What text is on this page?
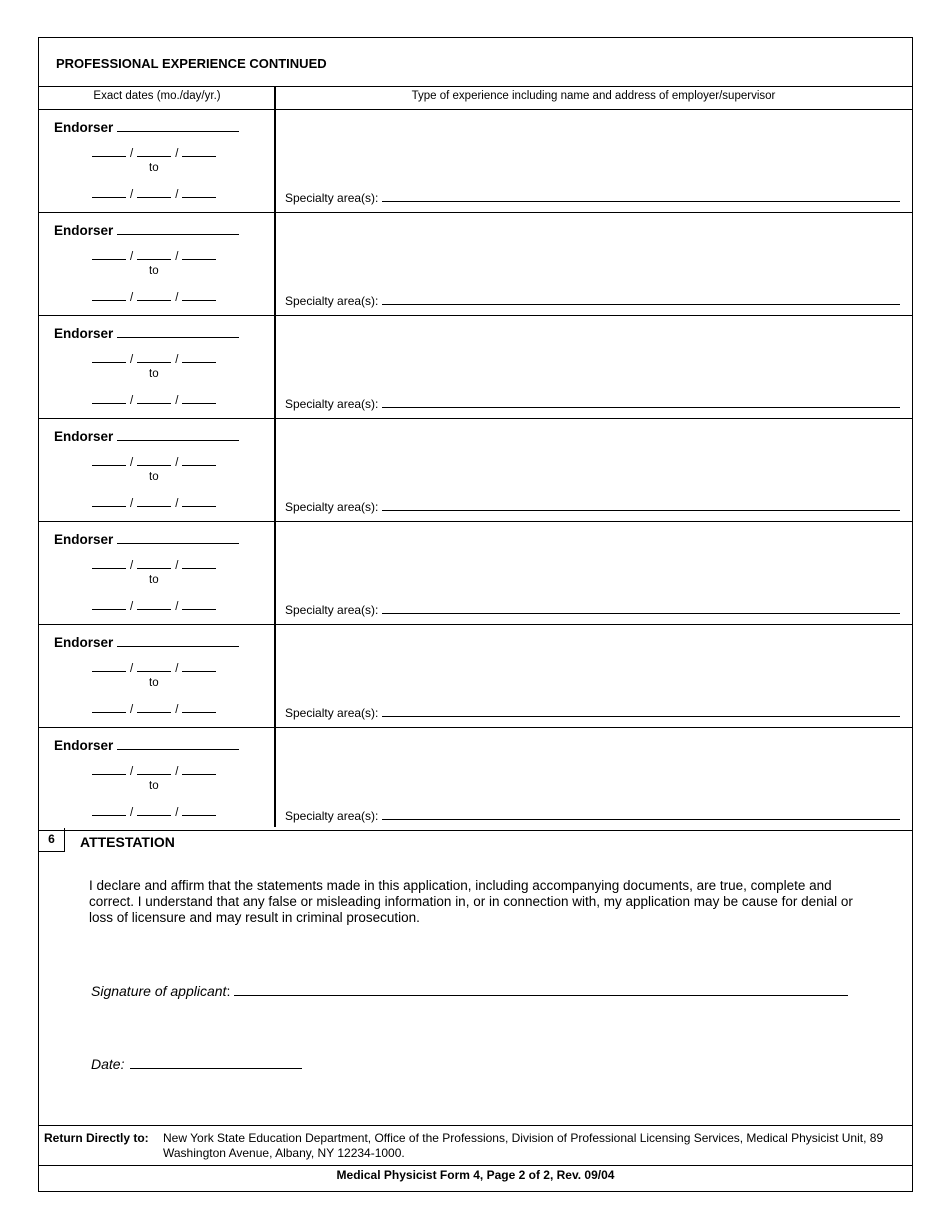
PROFESSIONAL EXPERIENCE CONTINUED
Exact dates (mo./day/yr.)	Type of experience including name and address of employer/supervisor
Endorser
/	/
to
/	/	Specialty area(s):
Endorser
/	/
to
/	/	Specialty area(s):
Endorser
/	/
to
/	/	Specialty area(s):
Endorser
/	/
to
/	/	Specialty area(s):
Endorser
/	/
to
/	/	Specialty area(s):
Endorser
/	/
to
/	/	Specialty area(s):
Endorser
/	/
to
/	/	Specialty area(s):
6	ATTESTATION
I declare and affirm that the statements made in this application, including accompanying documents, are true, complete and correct. I understand that any false or misleading information in, or in connection with, my application may be cause for denial or loss of licensure and may result in criminal prosecution.
Signature of applicant:
Date:
Return Directly to: New York State Education Department, Office of the Professions, Division of Professional Licensing Services, Medical Physicist Unit, 89 Washington Avenue, Albany, NY 12234-1000.
Medical Physicist Form 4, Page 2 of 2, Rev. 09/04
